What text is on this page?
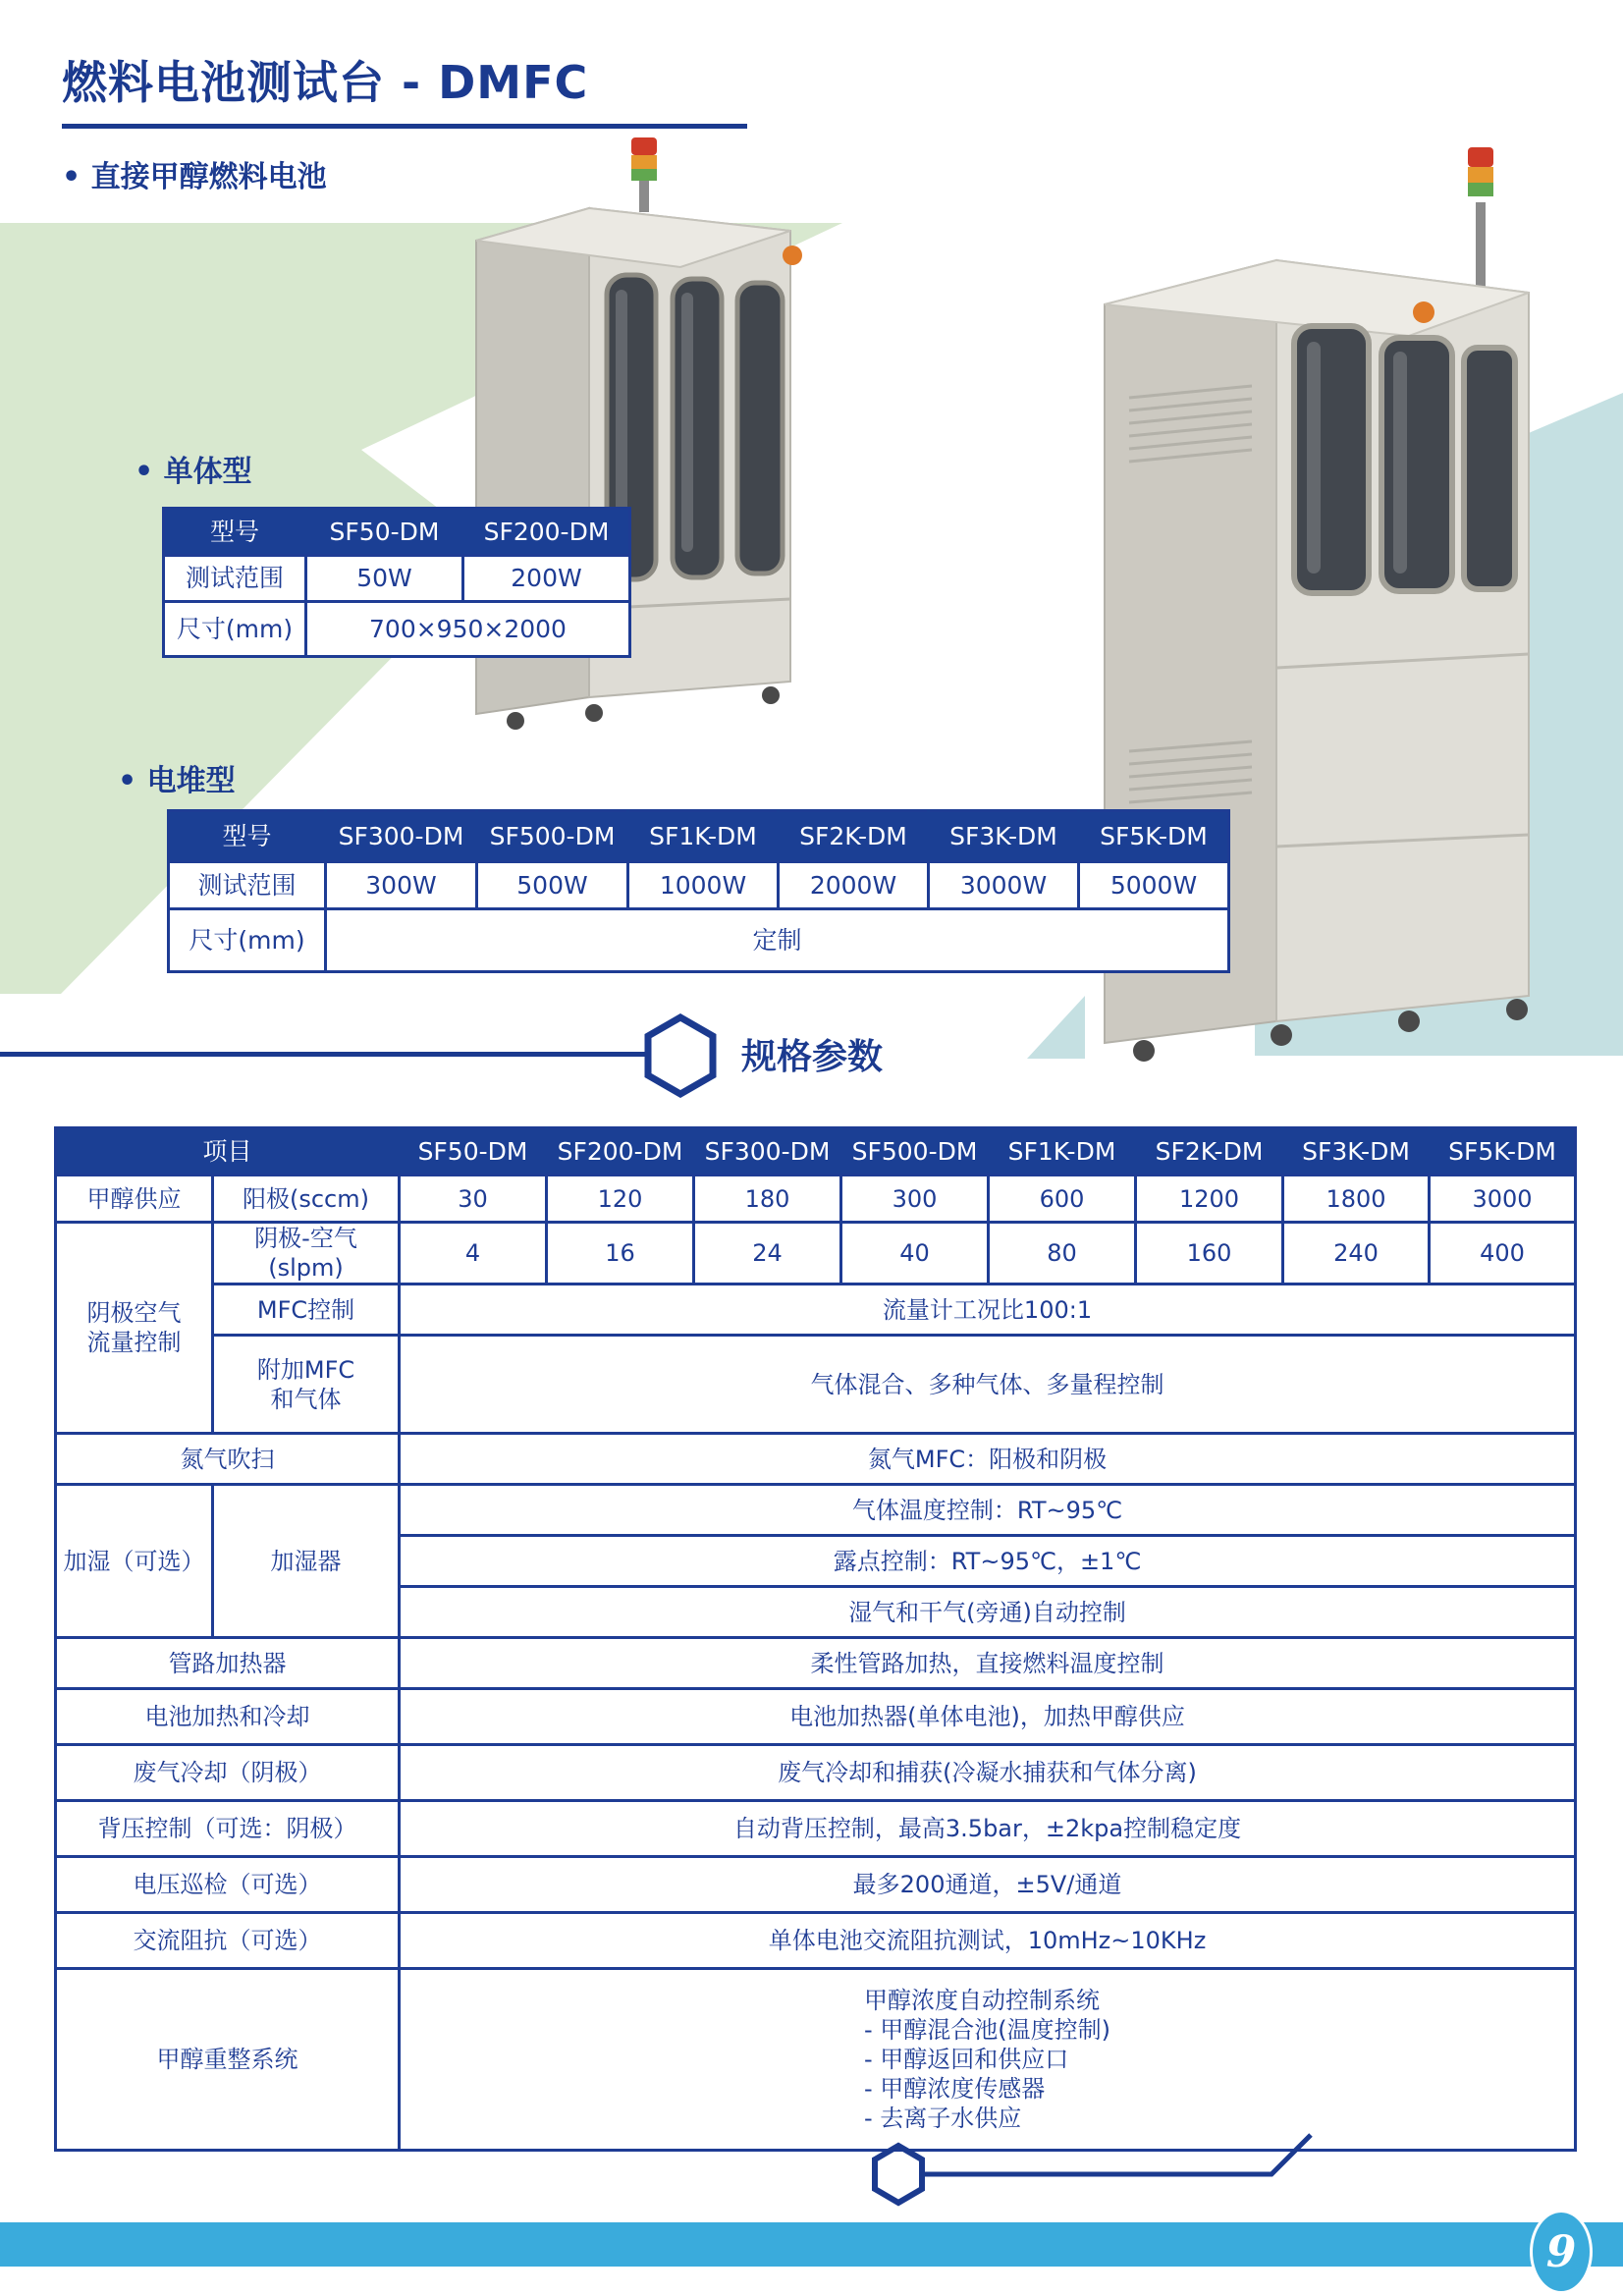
燃料电池测试台 - DMFC
• 直接甲醇燃料电池
• 单体型
型号	SF50-DM	SF200-DM
测试范围	50W	200W
尺寸(mm)	700×950×2000	
• 电堆型
型号	SF300-DM	SF500-DM	SF1K-DM	SF2K-DM	SF3K-DM	SF5K-DM
测试范围	300W	500W	1000W	2000W	3000W	5000W
尺寸(mm)	定制					
规格参数
项目		SF50-DM	SF200-DM	SF300-DM	SF500-DM	SF1K-DM	SF2K-DM	SF3K-DM	SF5K-DM
甲醇供应	阳极(sccm)	30	120	180	300	600	1200	1800	3000

阴极空气
流量控制	阴极-空气(slpm)	4	16	24	40	80	160	240	400
	MFC控制	流量计工况比100:1							

	附加MFC
和气体	气体混合、多种气体、多量程控制							
氮气吹扫		氮气MFC：阳极和阴极							
加湿（可选）	加湿器	气体温度控制：RT~95℃							
		露点控制：RT~95℃，±1℃							
		湿气和干气(旁通)自动控制							
管路加热器		柔性管路加热，直接燃料温度控制							
电池加热和冷却		电池加热器(单体电池)，加热甲醇供应							
废气冷却（阴极）		废气冷却和捕获(冷凝水捕获和气体分离)							
背压控制（可选：阴极）		自动背压控制，最高3.5bar，±2kpa控制稳定度							
电压巡检（可选）		最多200通道，±5V/通道							
交流阻抗（可选）		单体电池交流阻抗测试，10mHz~10KHz							
甲醇重整系统		甲醇浓度自动控制系统
- 甲醇混合池(温度控制)
- 甲醇返回和供应口
- 甲醇浓度传感器
- 去离子水供应							
9
